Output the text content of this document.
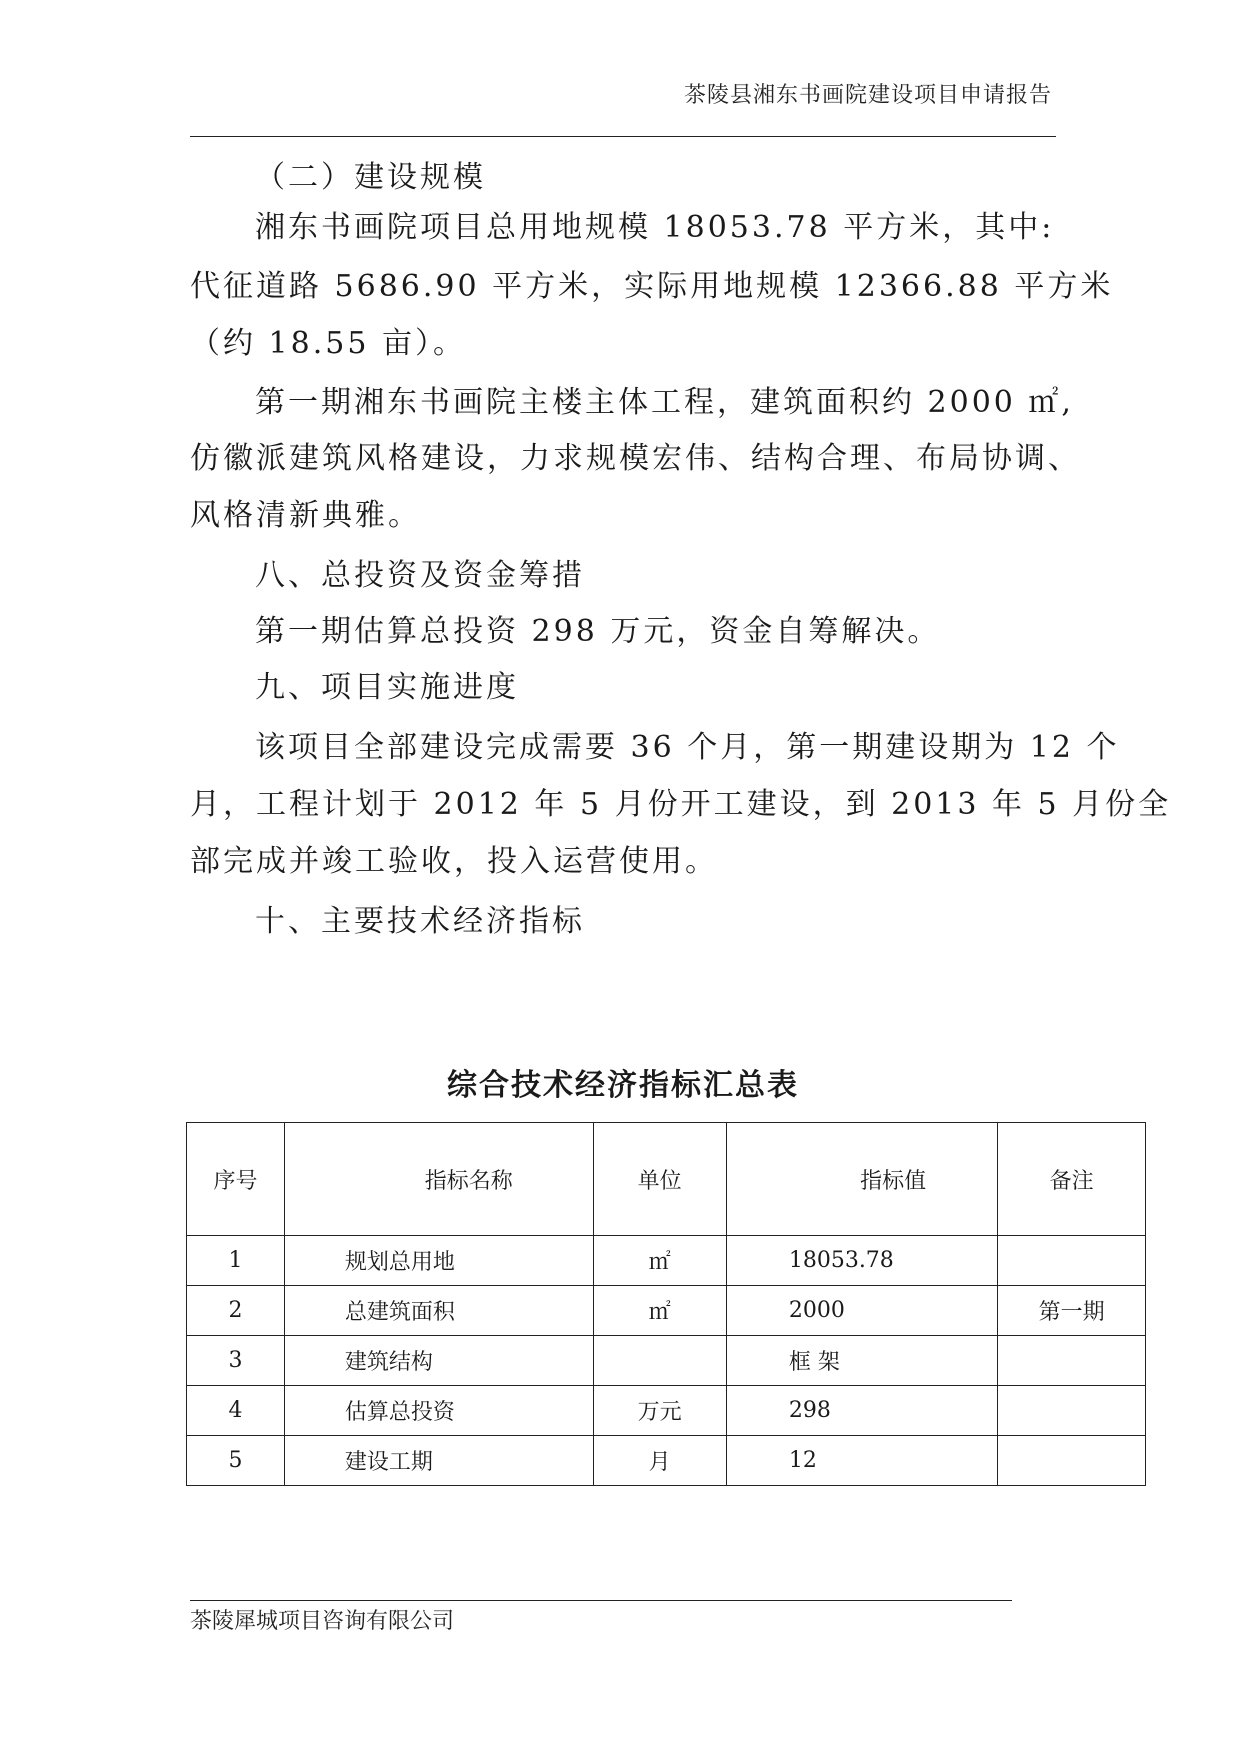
茶陵县湘东书画院建设项目申请报告
（二）建设规模
湘东书画院项目总用地规模 18053.78 平方米，其中:
代征道路 5686.90 平方米，实际用地规模 12366.88 平方米
（约 18.55 亩）。
第一期湘东书画院主楼主体工程，建筑面积约 2000 ㎡,
仿徽派建筑风格建设，力求规模宏伟、结构合理、布局协调、
风格清新典雅。
八、总投资及资金筹措
第一期估算总投资 298 万元，资金自筹解决。
九、项目实施进度
该项目全部建设完成需要 36 个月，第一期建设期为 12 个
月，工程计划于 2012 年 5 月份开工建设，到 2013 年 5 月份全
部完成并竣工验收，投入运营使用。
十、主要技术经济指标
综合技术经济指标汇总表
序号	指标名称	单位	指标值	备注
1	规划总用地	㎡	18053.78	
2	总建筑面积	㎡	2000	第一期
3	建筑结构		框 架	
4	估算总投资	万元	298	
5	建设工期	月	12	
茶陵犀城项目咨询有限公司
